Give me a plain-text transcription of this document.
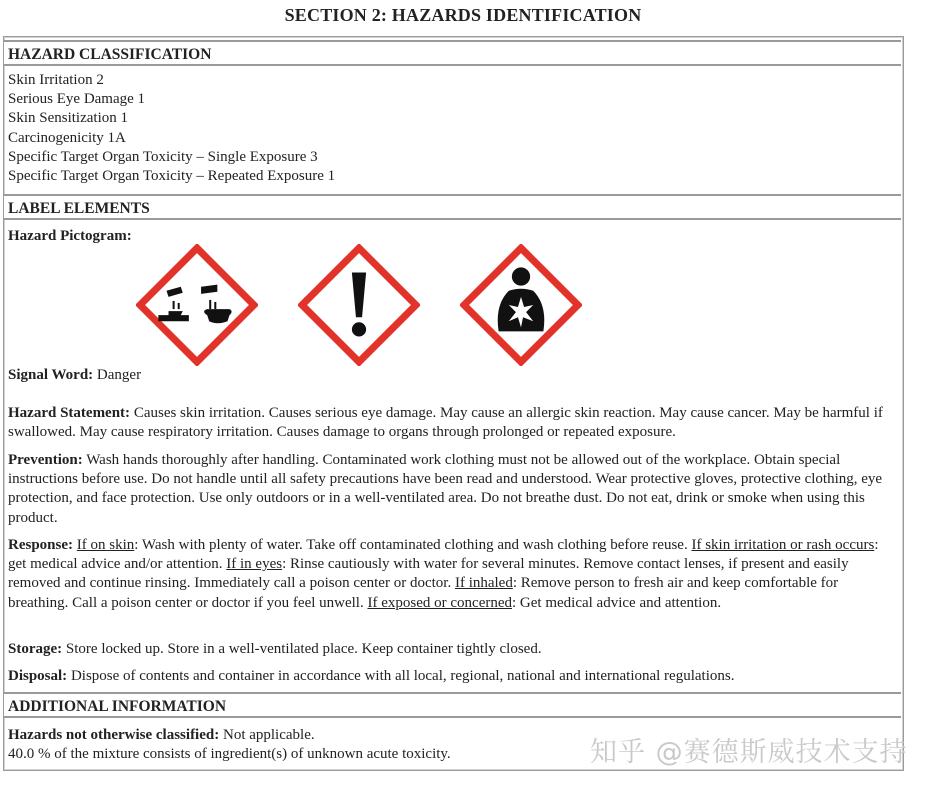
SECTION 2: HAZARDS IDENTIFICATION
HAZARD CLASSIFICATION
Skin Irritation 2
Serious Eye Damage 1
Skin Sensitization 1
Carcinogenicity 1A
Specific Target Organ Toxicity – Single Exposure 3
Specific Target Organ Toxicity – Repeated Exposure 1
LABEL ELEMENTS
Hazard Pictogram:
Signal Word: Danger
Hazard Statement: Causes skin irritation. Causes serious eye damage. May cause an allergic skin reaction. May cause cancer. May be harmful if swallowed. May cause respiratory irritation. Causes damage to organs through prolonged or repeated exposure.
Prevention: Wash hands thoroughly after handling. Contaminated work clothing must not be allowed out of the workplace. Obtain special instructions before use. Do not handle until all safety precautions have been read and understood. Wear protective gloves, protective clothing, eye protection, and face protection. Use only outdoors or in a well-ventilated area. Do not breathe dust. Do not eat, drink or smoke when using this product.
Response: If on skin: Wash with plenty of water. Take off contaminated clothing and wash clothing before reuse. If skin irritation or rash occurs: get medical advice and/or attention. If in eyes: Rinse cautiously with water for several minutes. Remove contact lenses, if present and easily removed and continue rinsing. Immediately call a poison center or doctor. If inhaled: Remove person to fresh air and keep comfortable for breathing. Call a poison center or doctor if you feel unwell. If exposed or concerned: Get medical advice and attention.
Storage: Store locked up. Store in a well-ventilated place. Keep container tightly closed.
Disposal: Dispose of contents and container in accordance with all local, regional, national and international regulations.
ADDITIONAL INFORMATION
Hazards not otherwise classified: Not applicable.
40.0 % of the mixture consists of ingredient(s) of unknown acute toxicity.	知乎 @赛德斯威技术支持
